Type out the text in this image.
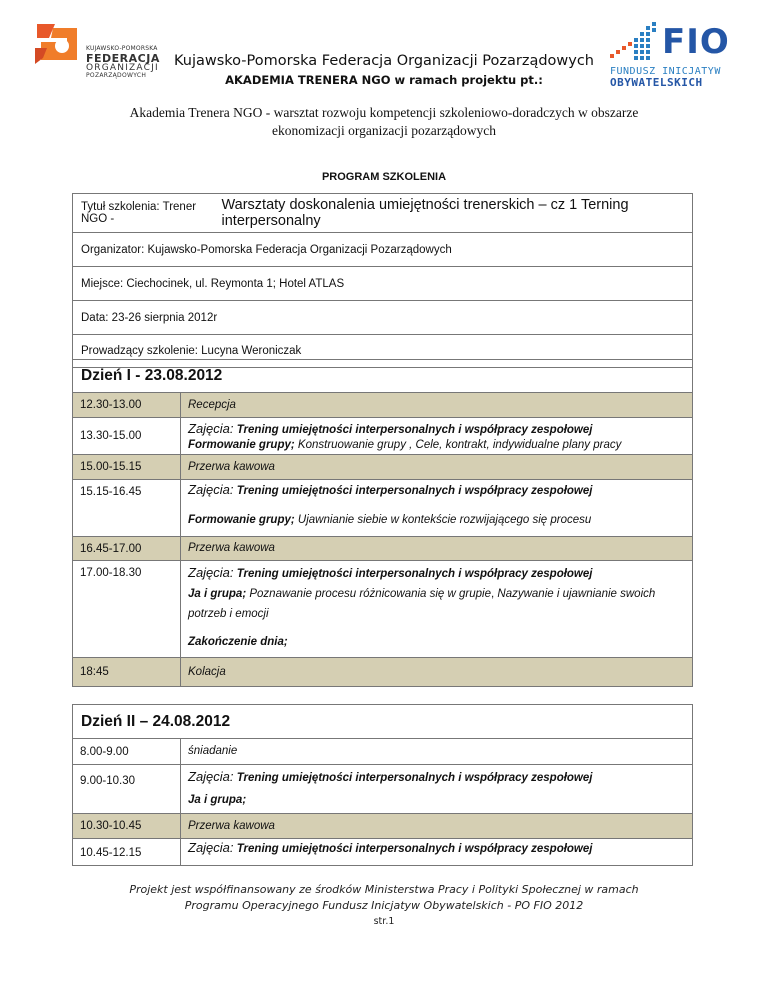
KUJAWSKO-POMORSKA
FEDERACJA
ORGANIZACJI
POZARZĄDOWYCH
FIO
FUNDUSZ INICJATYW
OBYWATELSKICH
Kujawsko-Pomorska Federacja Organizacji Pozarządowych
AKADEMIA TRENERA NGO w ramach projektu pt.:
Akademia Trenera NGO - warsztat rozwoju kompetencji szkoleniowo-doradczych w obszarze ekonomizacji organizacji pozarządowych
PROGRAM SZKOLENIA
Tytuł szkolenia: Trener NGO -

Warsztaty doskonalenia umiejętności trenerskich – cz 1 Terning interpersonalny
Organizator: Kujawsko-Pomorska Federacja Organizacji Pozarządowych
Miejsce: Ciechocinek, ul. Reymonta 1; Hotel ATLAS
Data: 23-26 sierpnia 2012r
Prowadzący szkolenie: Lucyna Weroniczak
Dzień I - 23.08.2012
12.30-13.00	Recepcja
13.30-15.00	Zajęcia: Trening umiejętności interpersonalnych i współpracy zespołowej
Formowanie grupy; Konstruowanie grupy , Cele, kontrakt, indywidualne plany pracy
15.00-15.15	Przerwa kawowa
15.15-16.45	Zajęcia: Trening umiejętności interpersonalnych i współpracy zespołowej
Formowanie grupy; Ujawnianie siebie w kontekście rozwijającego się procesu
16.45-17.00	Przerwa kawowa
17.00-18.30	Zajęcia: Trening umiejętności interpersonalnych i współpracy zespołowej
Ja i grupa; Poznawanie procesu różnicowania się w grupie, Nazywanie i ujawnianie swoich potrzeb i emocji
Zakończenie dnia;
18:45	Kolacja
Dzień II – 24.08.2012
8.00-9.00	śniadanie
9.00-10.30	Zajęcia: Trening umiejętności interpersonalnych i współpracy zespołowej
Ja i grupa;
10.30-10.45	Przerwa kawowa
10.45-12.15	Zajęcia: Trening umiejętności interpersonalnych i współpracy zespołowej
Projekt jest współfinansowany ze środków Ministerstwa Pracy i Polityki Społecznej w ramach
Programu Operacyjnego Fundusz Inicjatyw Obywatelskich - PO FIO 2012
str.1
